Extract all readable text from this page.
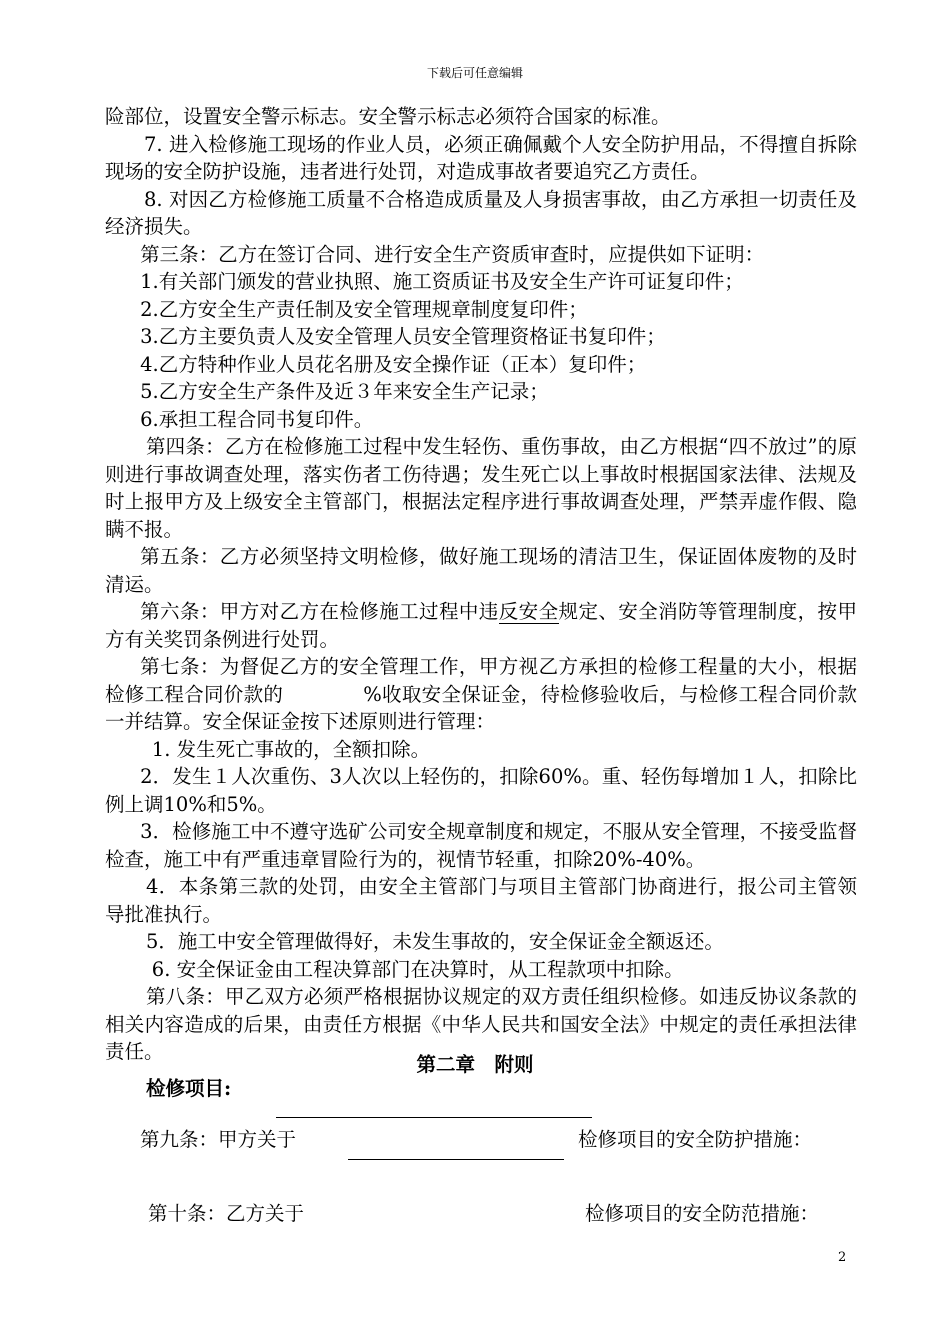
下载后可任意编辑

险部位，设置安全警示标志。安全警示标志必须符合国家的标准。

7. 进入检修施工现场的作业人员，必须正确佩戴个人安全防护用品，不得擅自拆除现场的安全防护设施，违者进行处罚，对造成事故者要追究乙方责任。

8. 对因乙方检修施工质量不合格造成质量及人身损害事故，由乙方承担一切责任及经济损失。

第三条：乙方在签订合同、进行安全生产资质审查时，应提供如下证明：

1.有关部门颁发的营业执照、施工资质证书及安全生产许可证复印件；

2.乙方安全生产责任制及安全管理规章制度复印件；

3.乙方主要负责人及安全管理人员安全管理资格证书复印件；

4.乙方特种作业人员花名册及安全操作证（正本）复印件；

5.乙方安全生产条件及近３年来安全生产记录；

6.承担工程合同书复印件。

第四条：乙方在检修施工过程中发生轻伤、重伤事故，由乙方根据“四不放过”的原则进行事故调查处理，落实伤者工伤待遇；发生死亡以上事故时根据国家法律、法规及时上报甲方及上级安全主管部门，根据法定程序进行事故调查处理，严禁弄虚作假、隐瞒不报。

第五条：乙方必须坚持文明检修，做好施工现场的清洁卫生，保证固体废物的及时清运。

第六条：甲方对乙方在检修施工过程中违反安全规定、安全消防等管理制度，按甲方有关奖罚条例进行处罚。

第七条：为督促乙方的安全管理工作，甲方视乙方承担的检修工程量的大小，根据检修工程合同价款的	%收取安全保证金，待检修验收后，与检修工程合同价款一并结算。安全保证金按下述原则进行管理：

1. 发生死亡事故的，全额扣除。

2．发生１人次重伤、3人次以上轻伤的，扣除60%。重、轻伤每增加１人，扣除比例上调10%和5%。

3．检修施工中不遵守选矿公司安全规章制度和规定，不服从安全管理，不接受监督检查，施工中有严重违章冒险行为的，视情节轻重，扣除20%-40%。

4．本条第三款的处罚，由安全主管部门与项目主管部门协商进行，报公司主管领导批准执行。

5．施工中安全管理做得好，未发生事故的，安全保证金全额返还。

6. 安全保证金由工程决算部门在决算时，从工程款项中扣除。

第八条：甲乙双方必须严格根据协议规定的双方责任组织检修。如违反协议条款的相关内容造成的后果，由责任方根据《中华人民共和国安全法》中规定的责任承担法律责任。

第二章　附则
检修项目:
第九条：甲方关于	检修项目的安全防护措施：
第十条：乙方关于	检修项目的安全防范措施：
2
